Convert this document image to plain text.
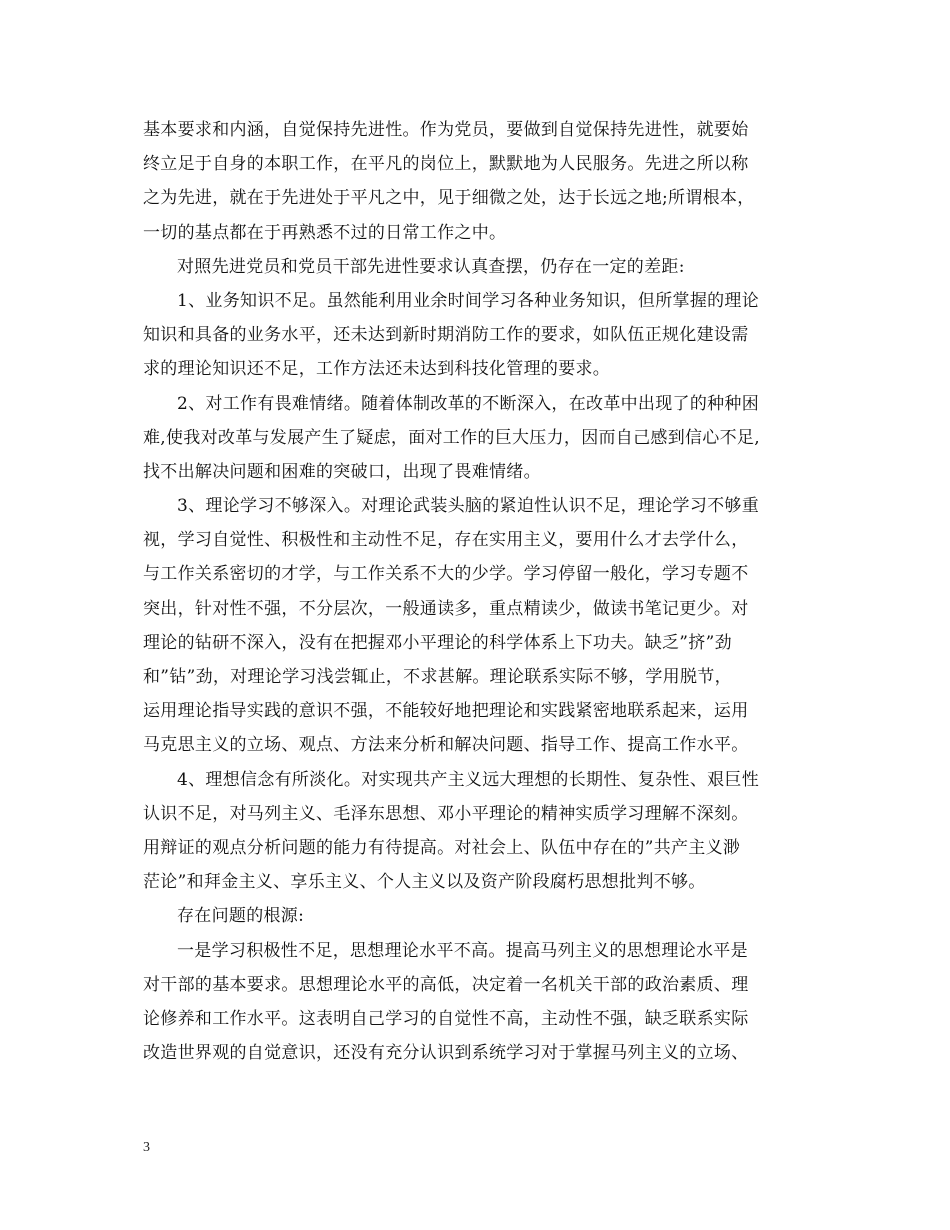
基本要求和内涵，自觉保持先进性。作为党员，要做到自觉保持先进性，就要始
终立足于自身的本职工作，在平凡的岗位上，默默地为人民服务。先进之所以称
之为先进，就在于先进处于平凡之中，见于细微之处，达于长远之地;所谓根本，
一切的基点都在于再熟悉不过的日常工作之中。
对照先进党员和党员干部先进性要求认真查摆，仍存在一定的差距:
1、业务知识不足。虽然能利用业余时间学习各种业务知识，但所掌握的理论
知识和具备的业务水平，还未达到新时期消防工作的要求，如队伍正规化建设需
求的理论知识还不足，工作方法还未达到科技化管理的要求。
2、对工作有畏难情绪。随着体制改革的不断深入，在改革中出现了的种种困
难,使我对改革与发展产生了疑虑，面对工作的巨大压力，因而自己感到信心不足,
找不出解决问题和困难的突破口，出现了畏难情绪。
3、理论学习不够深入。对理论武装头脑的紧迫性认识不足，理论学习不够重
视，学习自觉性、积极性和主动性不足，存在实用主义，要用什么才去学什么，
与工作关系密切的才学，与工作关系不大的少学。学习停留一般化，学习专题不
突出，针对性不强，不分层次，一般通读多，重点精读少，做读书笔记更少。对
理论的钻研不深入，没有在把握邓小平理论的科学体系上下功夫。缺乏”挤”劲
和”钻”劲，对理论学习浅尝辄止，不求甚解。理论联系实际不够，学用脱节，
运用理论指导实践的意识不强，不能较好地把理论和实践紧密地联系起来，运用
马克思主义的立场、观点、方法来分析和解决问题、指导工作、提高工作水平。
4、理想信念有所淡化。对实现共产主义远大理想的长期性、复杂性、艰巨性
认识不足，对马列主义、毛泽东思想、邓小平理论的精神实质学习理解不深刻。
用辩证的观点分析问题的能力有待提高。对社会上、队伍中存在的”共产主义渺
茫论”和拜金主义、享乐主义、个人主义以及资产阶段腐朽思想批判不够。
存在问题的根源:
一是学习积极性不足，思想理论水平不高。提高马列主义的思想理论水平是
对干部的基本要求。思想理论水平的高低，决定着一名机关干部的政治素质、理
论修养和工作水平。这表明自己学习的自觉性不高，主动性不强，缺乏联系实际
改造世界观的自觉意识，还没有充分认识到系统学习对于掌握马列主义的立场、
3
